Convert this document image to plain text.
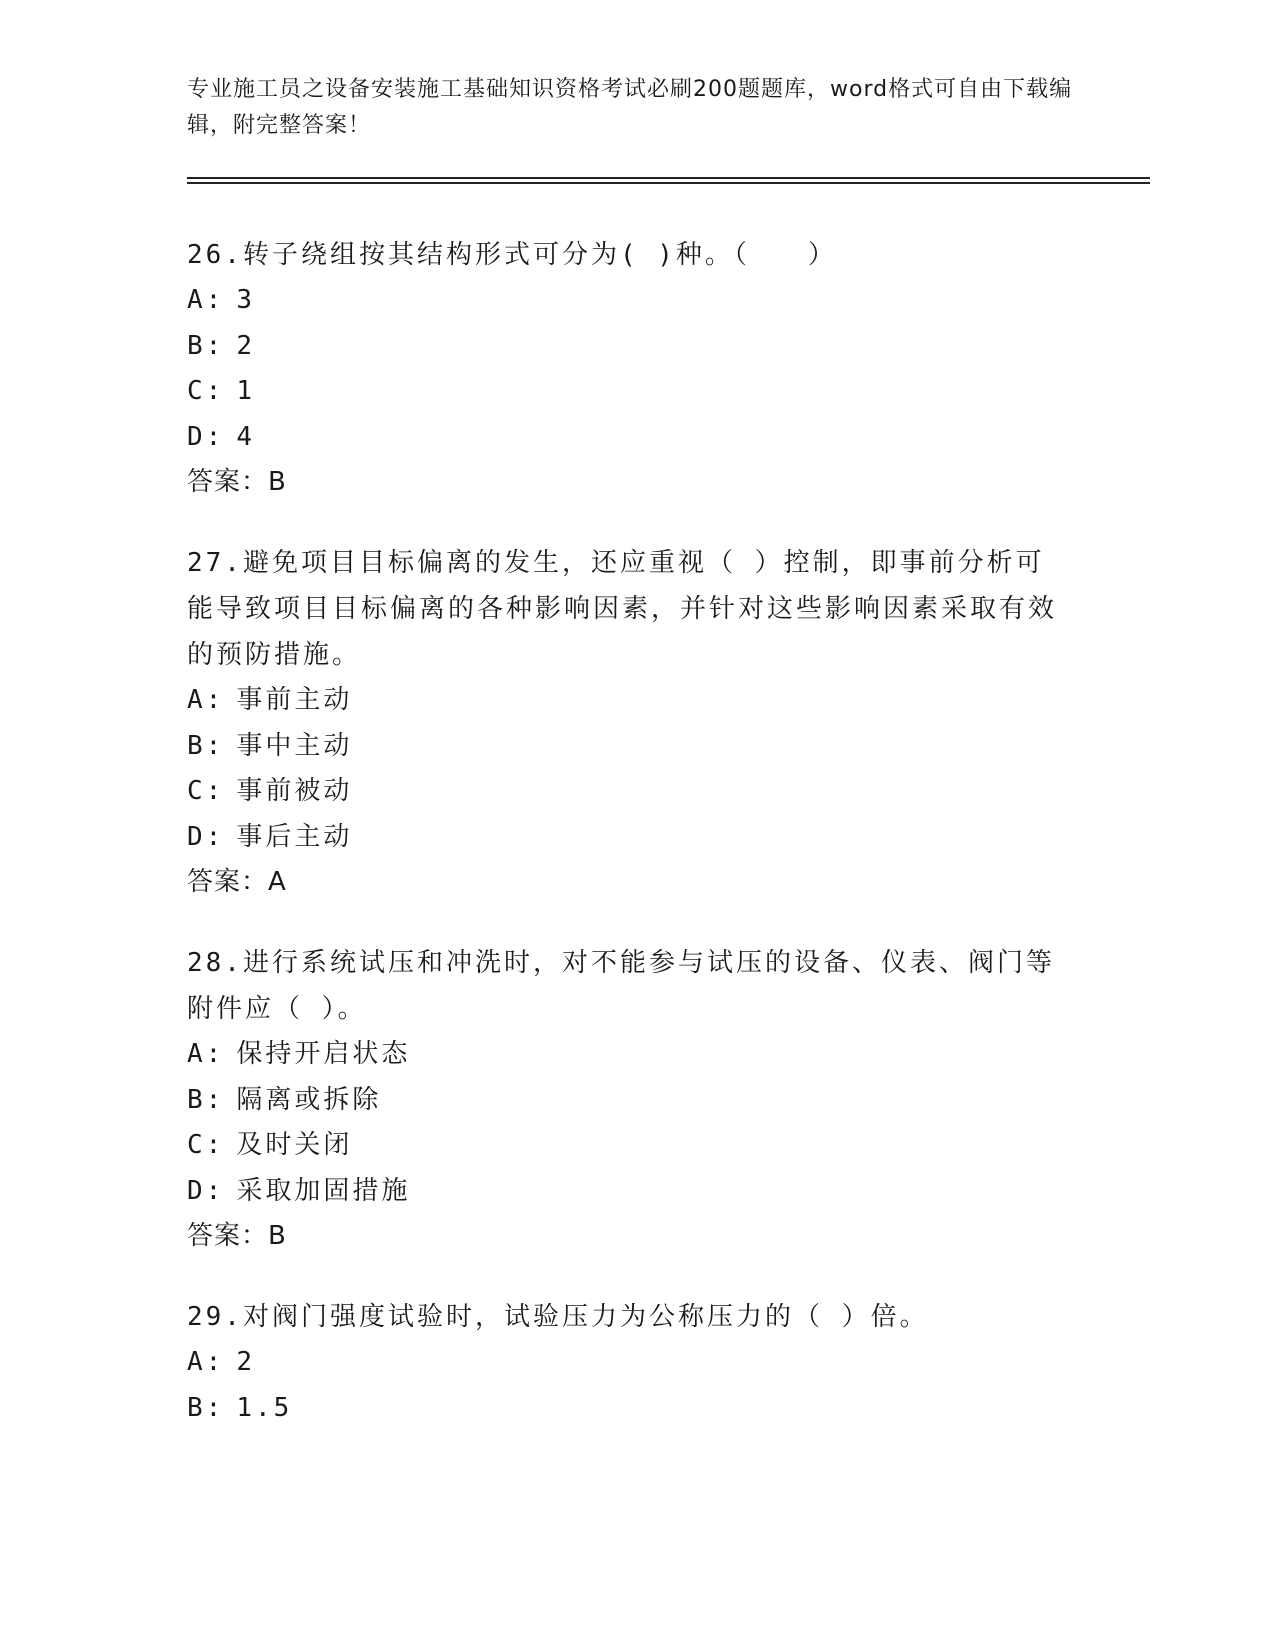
专业施工员之设备安装施工基础知识资格考试必刷200题题库，word格式可自由下载编辑，附完整答案！

26.转子绕组按其结构形式可分为( )种。（　　）

A: 3
B: 2
C: 1
D: 4
答案：B

27.避免项目目标偏离的发生，还应重视（ ）控制，即事前分析可能导致项目目标偏离的各种影响因素，并针对这些影响因素采取有效的预防措施。

A: 事前主动
B: 事中主动
C: 事前被动
D: 事后主动
答案：A

28.进行系统试压和冲洗时，对不能参与试压的设备、仪表、阀门等附件应（ ）。

A: 保持开启状态
B: 隔离或拆除
C: 及时关闭
D: 采取加固措施
答案：B

29.对阀门强度试验时，试验压力为公称压力的（ ）倍。

A: 2
B: 1.5
